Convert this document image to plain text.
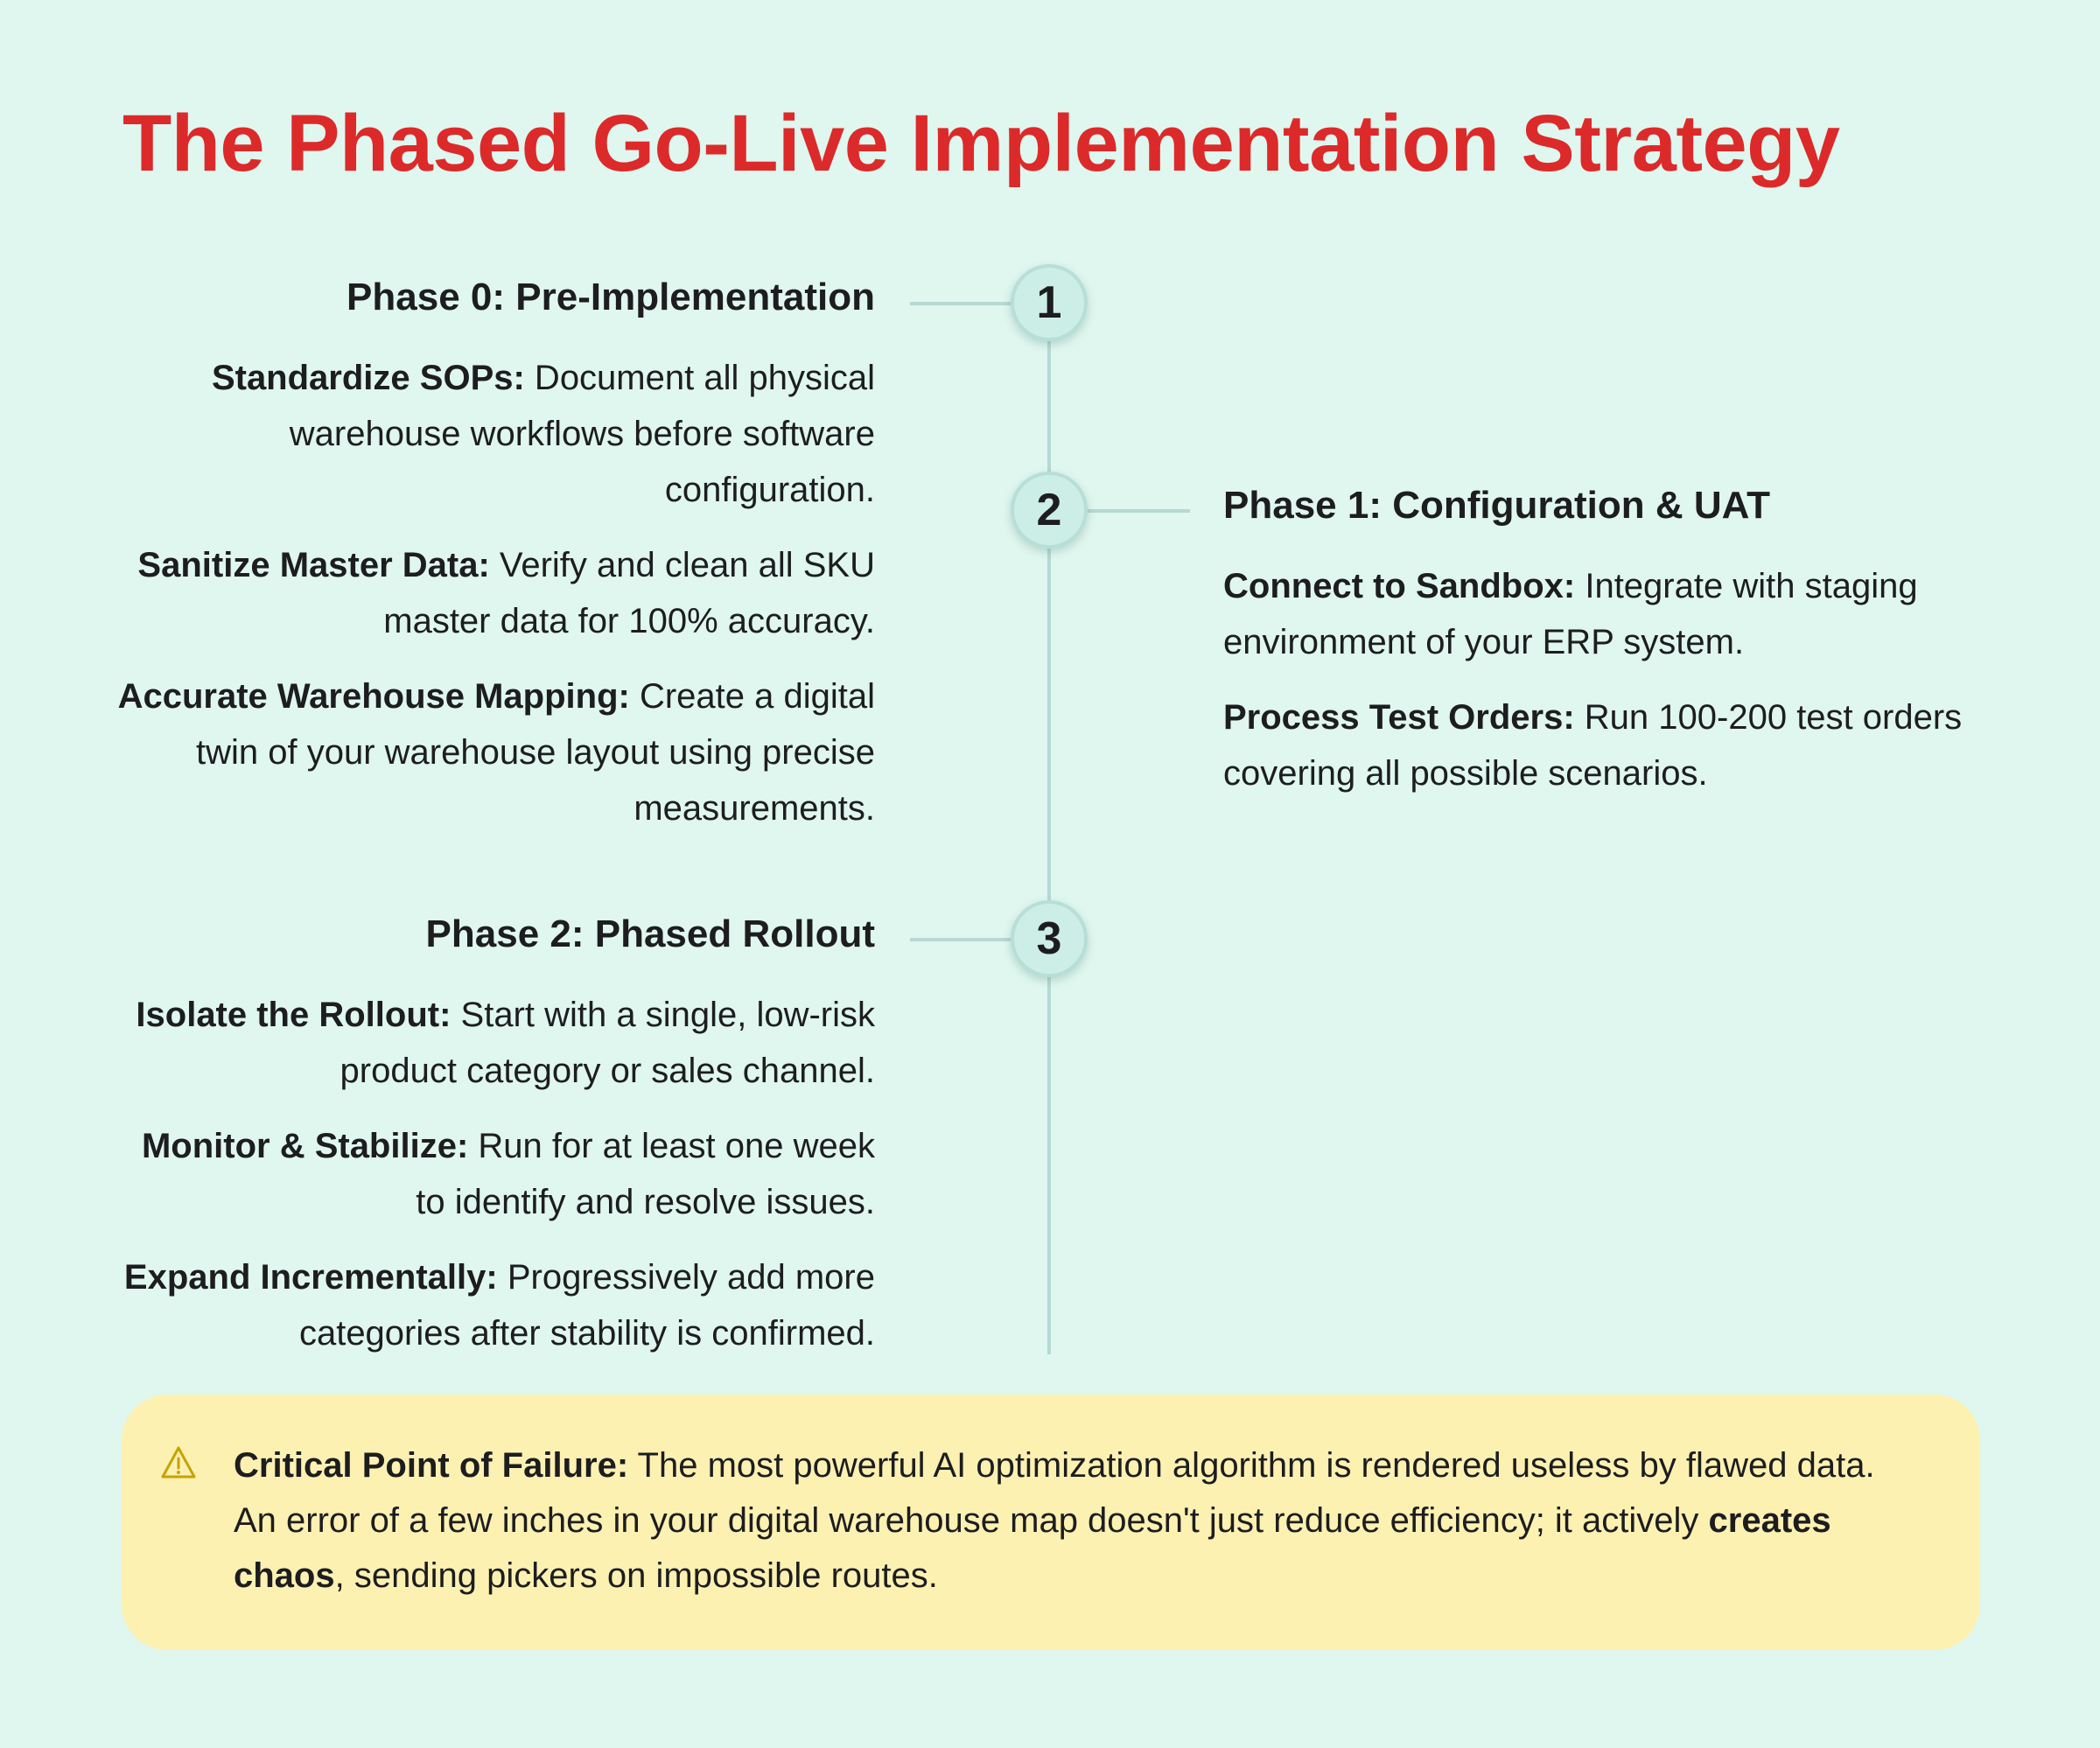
The Phased Go-Live Implementation Strategy
1
Phase 0: Pre-Implementation

Standardize SOPs: Document all physical warehouse workflows before software configuration.

Sanitize Master Data: Verify and clean all SKU master data for 100% accuracy.

Accurate Warehouse Mapping: Create a digital twin of your warehouse layout using precise measurements.

2	Phase 1: Configuration & UAT

Connect to Sandbox: Integrate with staging environment of your ERP system.

Process Test Orders: Run 100-200 test orders covering all possible scenarios.

3
Phase 2: Phased Rollout

Isolate the Rollout: Start with a single, low-risk product category or sales channel.

Monitor & Stabilize: Run for at least one week to identify and resolve issues.

Expand Incrementally: Progressively add more categories after stability is confirmed.

Critical Point of Failure: The most powerful AI optimization algorithm is rendered useless by flawed data. An error of a few inches in your digital warehouse map doesn't just reduce efficiency; it actively creates chaos, sending pickers on impossible routes.
